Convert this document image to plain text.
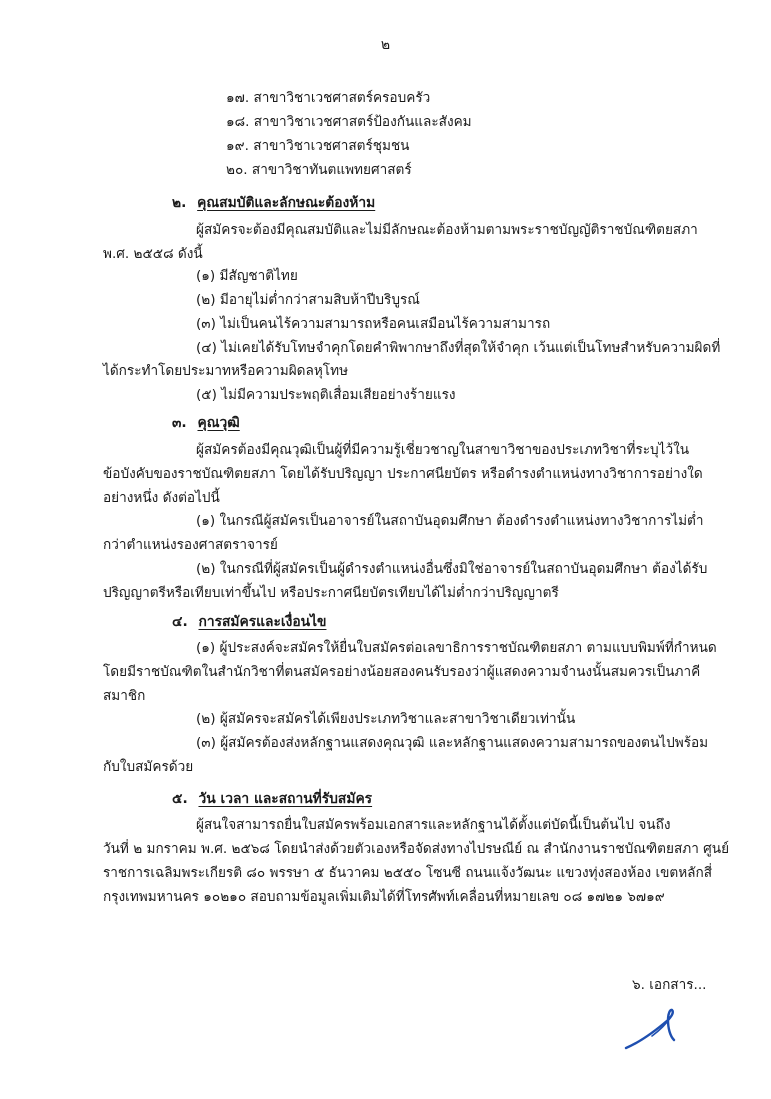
๒
๑๗. สาขาวิชาเวชศาสตร์ครอบครัว
๑๘. สาขาวิชาเวชศาสตร์ป้องกันและสังคม
๑๙. สาขาวิชาเวชศาสตร์ชุมชน
๒๐. สาขาวิชาทันตแพทยศาสตร์
๒. คุณสมบัติและลักษณะต้องห้าม
ผู้สมัครจะต้องมีคุณสมบัติและไม่มีลักษณะต้องห้ามตามพระราชบัญญัติราชบัณฑิตยสภา
พ.ศ. ๒๕๕๘ ดังนี้
(๑) มีสัญชาติไทย
(๒) มีอายุไม่ต่ำกว่าสามสิบห้าปีบริบูรณ์
(๓) ไม่เป็นคนไร้ความสามารถหรือคนเสมือนไร้ความสามารถ
(๔) ไม่เคยได้รับโทษจำคุกโดยคำพิพากษาถึงที่สุดให้จำคุก เว้นแต่เป็นโทษสำหรับความผิดที่
ได้กระทำโดยประมาทหรือความผิดลหุโทษ
(๕) ไม่มีความประพฤติเสื่อมเสียอย่างร้ายแรง
๓. คุณวุฒิ
ผู้สมัครต้องมีคุณวุฒิเป็นผู้ที่มีความรู้เชี่ยวชาญในสาขาวิชาของประเภทวิชาที่ระบุไว้ใน
ข้อบังคับของราชบัณฑิตยสภา โดยได้รับปริญญา ประกาศนียบัตร หรือดำรงตำแหน่งทางวิชาการอย่างใด
อย่างหนึ่ง ดังต่อไปนี้
(๑) ในกรณีผู้สมัครเป็นอาจารย์ในสถาบันอุดมศึกษา ต้องดำรงตำแหน่งทางวิชาการไม่ต่ำ
กว่าตำแหน่งรองศาสตราจารย์
(๒) ในกรณีที่ผู้สมัครเป็นผู้ดำรงตำแหน่งอื่นซึ่งมิใช่อาจารย์ในสถาบันอุดมศึกษา ต้องได้รับ
ปริญญาตรีหรือเทียบเท่าขึ้นไป หรือประกาศนียบัตรเทียบได้ไม่ต่ำกว่าปริญญาตรี
๔. การสมัครและเงื่อนไข
(๑) ผู้ประสงค์จะสมัครให้ยื่นใบสมัครต่อเลขาธิการราชบัณฑิตยสภา ตามแบบพิมพ์ที่กำหนด
โดยมีราชบัณฑิตในสำนักวิชาที่ตนสมัครอย่างน้อยสองคนรับรองว่าผู้แสดงความจำนงนั้นสมควรเป็นภาคี
สมาชิก
(๒) ผู้สมัครจะสมัครได้เพียงประเภทวิชาและสาขาวิชาเดียวเท่านั้น
(๓) ผู้สมัครต้องส่งหลักฐานแสดงคุณวุฒิ และหลักฐานแสดงความสามารถของตนไปพร้อม
กับใบสมัครด้วย
๕. วัน เวลา และสถานที่รับสมัคร
ผู้สนใจสามารถยื่นใบสมัครพร้อมเอกสารและหลักฐานได้ตั้งแต่บัดนี้เป็นต้นไป จนถึง
วันที่ ๒ มกราคม พ.ศ. ๒๕๖๘ โดยนำส่งด้วยตัวเองหรือจัดส่งทางไปรษณีย์ ณ สำนักงานราชบัณฑิตยสภา ศูนย์
ราชการเฉลิมพระเกียรติ ๘๐ พรรษา ๕ ธันวาคม ๒๕๕๐ โซนซี ถนนแจ้งวัฒนะ แขวงทุ่งสองห้อง เขตหลักสี่
กรุงเทพมหานคร ๑๐๒๑๐ สอบถามข้อมูลเพิ่มเติมได้ที่โทรศัพท์เคลื่อนที่หมายเลข ๐๘ ๑๗๒๑ ๖๗๑๙
๖. เอกสาร...
